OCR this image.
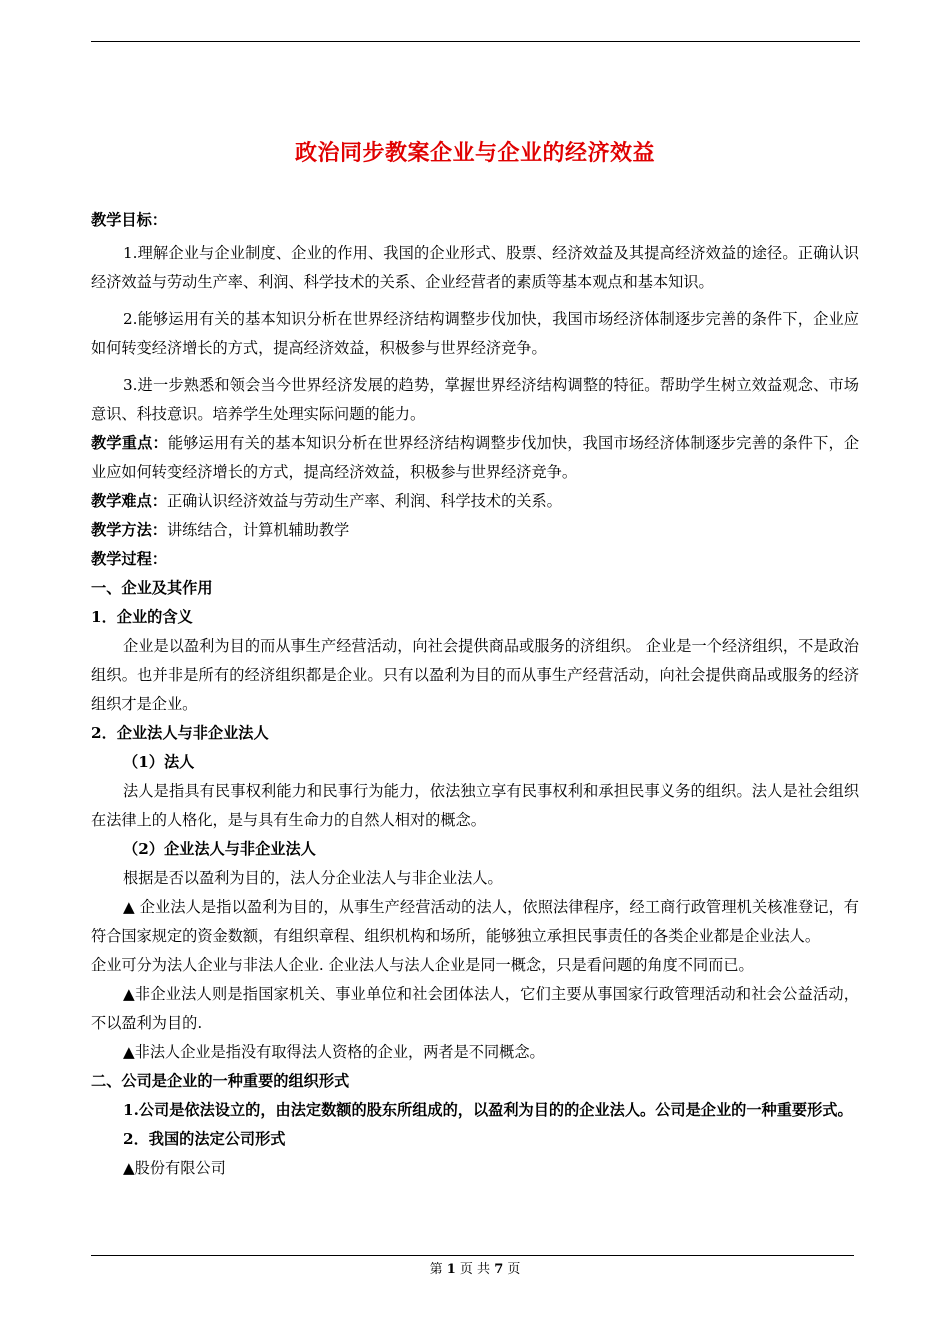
政治同步教案企业与企业的经济效益

教学目标：

1.理解企业与企业制度、企业的作用、我国的企业形式、股票、经济效益及其提高经济效益的途径。正确认识经济效益与劳动生产率、利润、科学技术的关系、企业经营者的素质等基本观点和基本知识。

2.能够运用有关的基本知识分析在世界经济结构调整步伐加快，我国市场经济体制逐步完善的条件下，企业应如何转变经济增长的方式，提高经济效益，积极参与世界经济竞争。

3.进一步熟悉和领会当今世界经济发展的趋势，掌握世界经济结构调整的特征。帮助学生树立效益观念、市场意识、科技意识。培养学生处理实际问题的能力。

教学重点：能够运用有关的基本知识分析在世界经济结构调整步伐加快，我国市场经济体制逐步完善的条件下，企业应如何转变经济增长的方式，提高经济效益，积极参与世界经济竞争。

教学难点：正确认识经济效益与劳动生产率、利润、科学技术的关系。

教学方法：讲练结合，计算机辅助教学

教学过程：

一、企业及其作用

1．企业的含义

企业是以盈利为目的而从事生产经营活动，向社会提供商品或服务的济组织。 企业是一个经济组织，不是政治组织。也并非是所有的经济组织都是企业。只有以盈利为目的而从事生产经营活动，向社会提供商品或服务的经济组织才是企业。

2．企业法人与非企业法人

（1）法人

法人是指具有民事权利能力和民事行为能力，依法独立享有民事权利和承担民事义务的组织。法人是社会组织在法律上的人格化，是与具有生命力的自然人相对的概念。

（2）企业法人与非企业法人

根据是否以盈利为目的，法人分企业法人与非企业法人。

▲ 企业法人是指以盈利为目的，从事生产经营活动的法人，依照法律程序，经工商行政管理机关核准登记，有符合国家规定的资金数额，有组织章程、组织机构和场所，能够独立承担民事责任的各类企业都是企业法人。

企业可分为法人企业与非法人企业. 企业法人与法人企业是同一概念，只是看问题的角度不同而已。

▲非企业法人则是指国家机关、事业单位和社会团体法人，它们主要从事国家行政管理活动和社会公益活动，不以盈利为目的.

▲非法人企业是指没有取得法人资格的企业，两者是不同概念。

二、公司是企业的一种重要的组织形式

1.公司是依法设立的，由法定数额的股东所组成的，以盈利为目的的企业法人。公司是企业的一种重要形式。

2．我国的法定公司形式

▲股份有限公司

第 1 页 共 7 页
